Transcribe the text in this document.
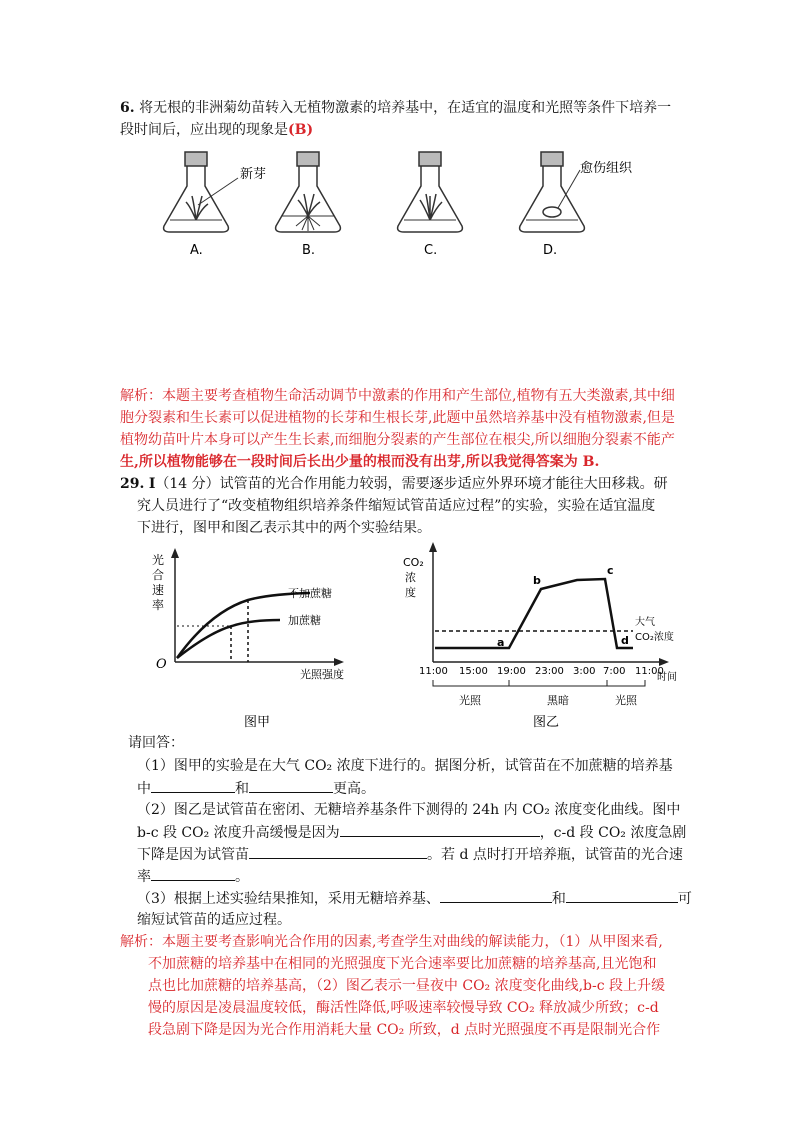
6. 将无根的非洲菊幼苗转入无植物激素的培养基中，在适宜的温度和光照等条件下培养一
段时间后，应出现的现象是(B)
新芽
A.	B.	C.
愈伤组织
D.
解析：本题主要考查植物生命活动调节中激素的作用和产生部位,植物有五大类激素,其中细
胞分裂素和生长素可以促进植物的长芽和生根长芽,此题中虽然培养基中没有植物激素,但是
植物幼苗叶片本身可以产生生长素,而细胞分裂素的产生部位在根尖,所以细胞分裂素不能产
生,所以植物能够在一段时间后长出少量的根而没有出芽,所以我觉得答案为 B.
29. I（14 分）试管苗的光合作用能力较弱，需要逐步适应外界环境才能往大田移栽。研
究人员进行了“改变植物组织培养条件缩短试管苗适应过程”的实验，实验在适宜温度
下进行，图甲和图乙表示其中的两个实验结果。
光
合
速
率
O
光照强度
不加蔗糖
加蔗糖
图甲
CO₂
浓
度
a
b
c
d
大气
CO₂浓度
11:00 15:00 19:00 23:00 3:00 7:00 11:00
时间
光照	黑暗	光照
图乙
请回答：
（1）图甲的实验是在大气 CO₂ 浓度下进行的。据图分析，试管苗在不加蔗糖的培养基
中	和	更高。
（2）图乙是试管苗在密闭、无糖培养基条件下测得的 24h 内 CO₂ 浓度变化曲线。图中
b-c 段 CO₂ 浓度升高缓慢是因为	，c-d 段 CO₂ 浓度急剧
下降是因为试管苗	。若 d 点时打开培养瓶，试管苗的光合速
率	。
（3）根据上述实验结果推知，采用无糖培养基、	和	可
缩短试管苗的适应过程。
解析：本题主要考查影响光合作用的因素,考查学生对曲线的解读能力，（1）从甲图来看,
不加蔗糖的培养基中在相同的光照强度下光合速率要比加蔗糖的培养基高,且光饱和
点也比加蔗糖的培养基高，（2）图乙表示一昼夜中 CO₂ 浓度变化曲线,b-c 段上升缓
慢的原因是凌晨温度较低，酶活性降低,呼吸速率较慢导致 CO₂ 释放减少所致；c-d
段急剧下降是因为光合作用消耗大量 CO₂ 所致，d 点时光照强度不再是限制光合作
